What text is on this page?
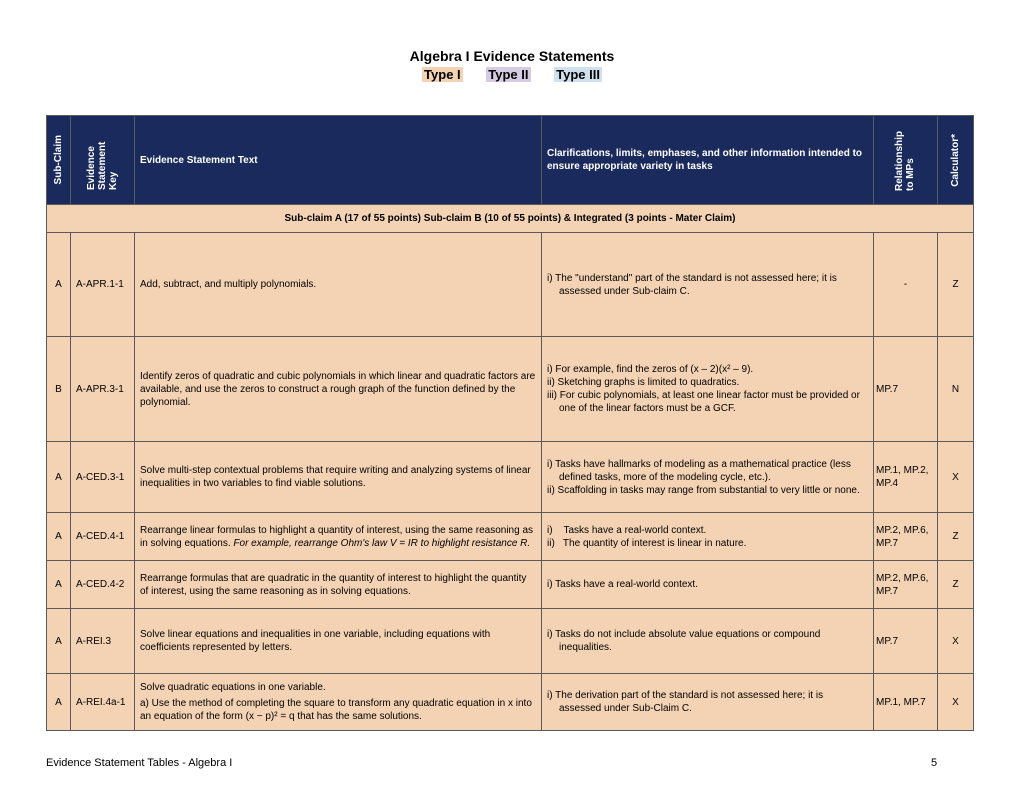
Algebra I Evidence Statements
Type I Type II Type III
Sub-Claim	Evidence Statement Key	Evidence Statement Text	Clarifications, limits, emphases, and other information intended to ensure appropriate variety in tasks	Relationship to MPs	Calculator*

Sub-claim A (17 of 55 points) Sub-claim B (10 of 55 points) & Integrated (3 points - Mater Claim)					
A	A-APR.1-1	Add, subtract, and multiply polynomials.	i) The "understand" part of the standard is not assessed here; it is assessed under Sub-claim C.	-	Z
B	A-APR.3-1	Identify zeros of quadratic and cubic polynomials in which linear and quadratic factors are available, and use the zeros to construct a rough graph of the function defined by the polynomial.	i) For example, find the zeros of (x – 2)(x² – 9).
ii) Sketching graphs is limited to quadratics.
iii) For cubic polynomials, at least one linear factor must be provided or one of the linear factors must be a GCF.	MP.7	N
A	A-CED.3-1	Solve multi-step contextual problems that require writing and analyzing systems of linear inequalities in two variables to find viable solutions.	i) Tasks have hallmarks of modeling as a mathematical practice (less defined tasks, more of the modeling cycle, etc.).
ii) Scaffolding in tasks may range from substantial to very little or none.	MP.1, MP.2, MP.4	X
A	A-CED.4-1	Rearrange linear formulas to highlight a quantity of interest, using the same reasoning as in solving equations. For example, rearrange Ohm's law V = IR to highlight resistance R.	i)    Tasks have a real-world context.
ii)   The quantity of interest is linear in nature.	MP.2, MP.6, MP.7	Z
A	A-CED.4-2	Rearrange formulas that are quadratic in the quantity of interest to highlight the quantity of interest, using the same reasoning as in solving equations.	i) Tasks have a real-world context.	MP.2, MP.6, MP.7	Z
A	A-REI.3	Solve linear equations and inequalities in one variable, including equations with coefficients represented by letters.	i) Tasks do not include absolute value equations or compound inequalities.	MP.7	X
A	A-REI.4a-1	Solve quadratic equations in one variable.
a) Use the method of completing the square to transform any quadratic equation in x into an equation of the form (x − p)² = q that has the same solutions.	i) The derivation part of the standard is not assessed here; it is assessed under Sub-Claim C.	MP.1, MP.7	X
Evidence Statement Tables - Algebra I	5
